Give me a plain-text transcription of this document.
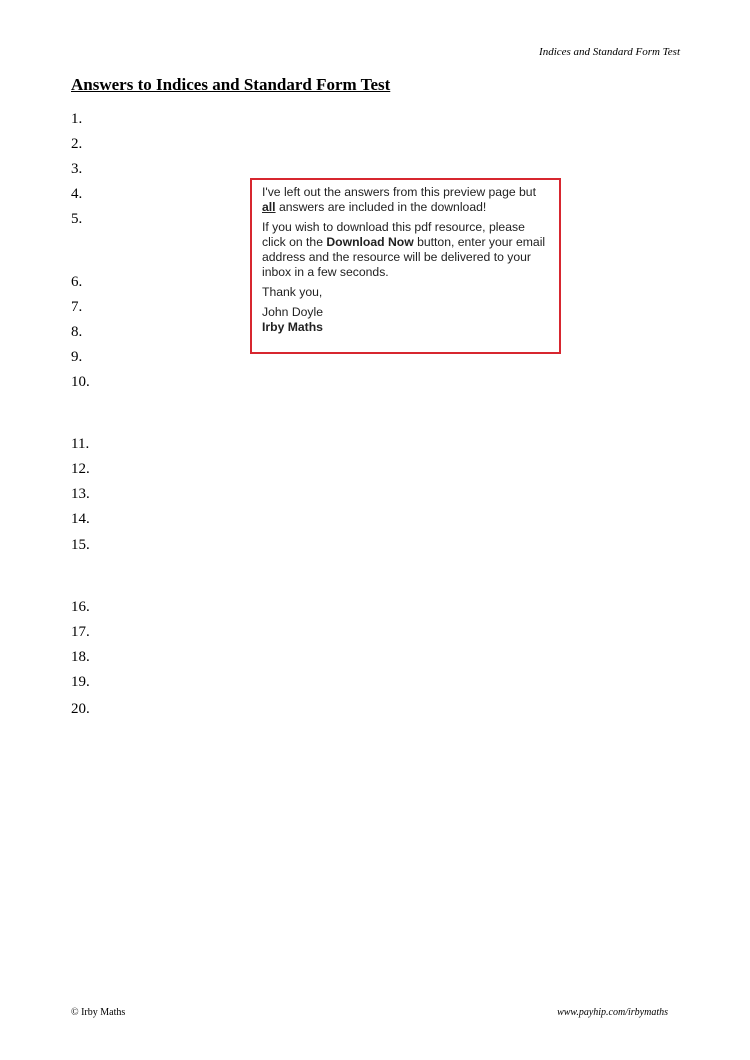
Indices and Standard Form Test
Answers to Indices and Standard Form Test
1.
2.
3.
4.
5.
6.
7.
8.
9.
10.
11.
12.
13.
14.
15.
16.
17.
18.
19.
20.

I've left out the answers from this preview page but all answers are included in the download!

If you wish to download this pdf resource, please click on the Download Now button, enter your email address and the resource will be delivered to your inbox in a few seconds.

Thank you,

John Doyle
Irby Maths
© Irby Maths	www.payhip.com/irbymaths
